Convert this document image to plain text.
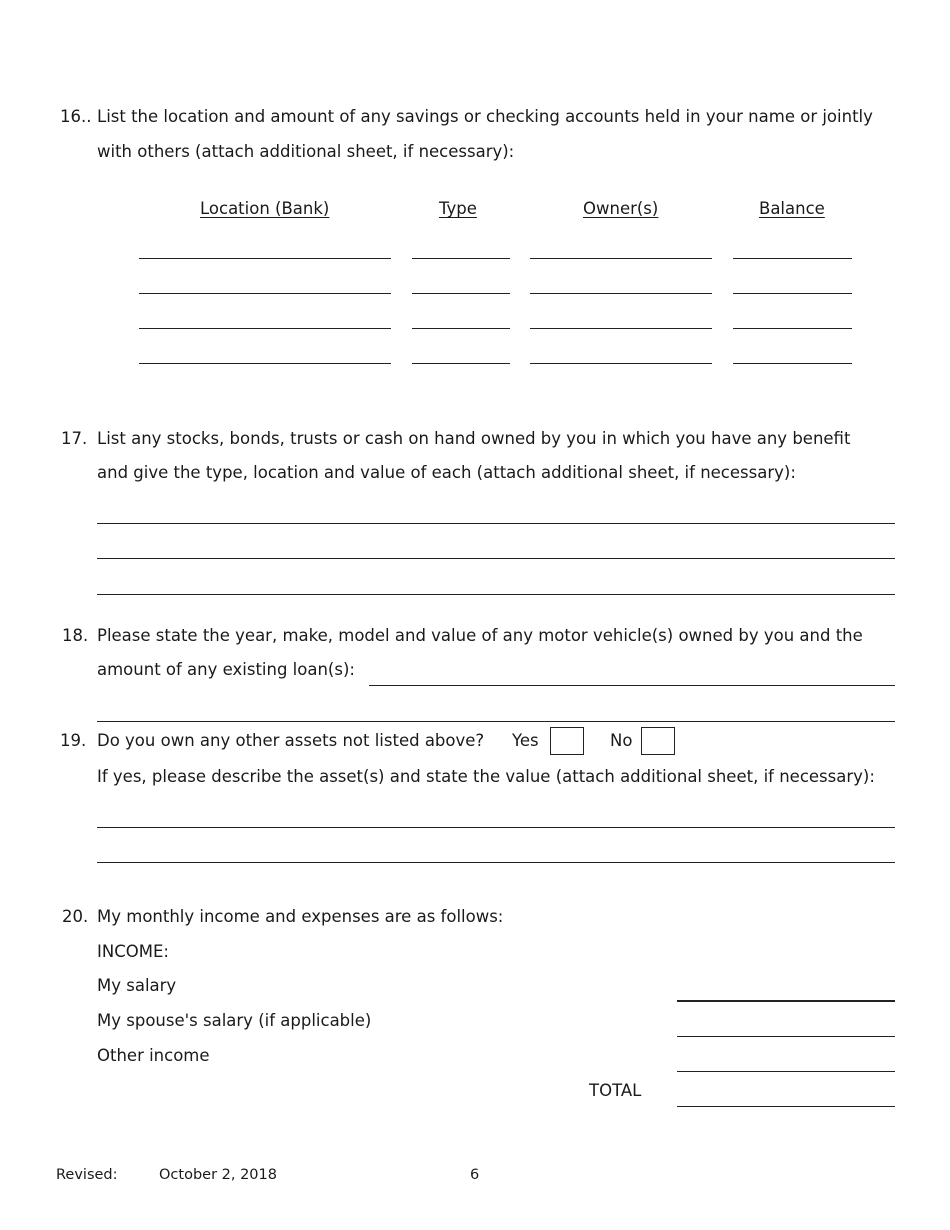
16.. List the location and amount of any savings or checking accounts held in your name or jointly
with others (attach additional sheet, if necessary):
Location (Bank)	Type	Owner(s)	Balance
17. List any stocks, bonds, trusts or cash on hand owned by you in which you have any benefit
and give the type, location and value of each (attach additional sheet, if necessary):
18. Please state the year, make, model and value of any motor vehicle(s) owned by you and the
amount of any existing loan(s):
19. Do you own any other assets not listed above? Yes	No
If yes, please describe the asset(s) and state the value (attach additional sheet, if necessary):
20. My monthly income and expenses are as follows:
INCOME:
My salary
My spouse's salary (if applicable)
Other income
TOTAL
Revised:	October 2, 2018	6
